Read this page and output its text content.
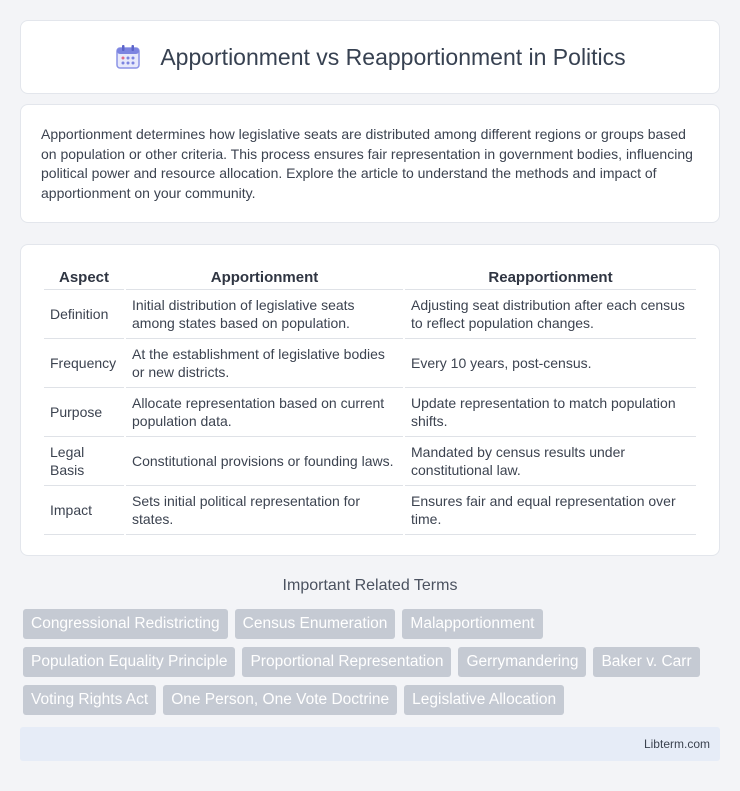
Apportionment vs Reapportionment in Politics

Apportionment determines how legislative seats are distributed among different regions or groups based on population or other criteria. This process ensures fair representation in government bodies, influencing political power and resource allocation. Explore the article to understand the methods and impact of apportionment on your community.

Aspect	Apportionment	Reapportionment
Definition	Initial distribution of legislative seats among states based on population.	Adjusting seat distribution after each census to reflect population changes.
Frequency	At the establishment of legislative bodies or new districts.	Every 10 years, post-census.
Purpose	Allocate representation based on current population data.	Update representation to match population shifts.
Legal Basis	Constitutional provisions or founding laws.	Mandated by census results under constitutional law.
Impact	Sets initial political representation for states.	Ensures fair and equal representation over time.
Important Related Terms
Congressional Redistricting	Census Enumeration	Malapportionment
Population Equality Principle	Proportional Representation	Gerrymandering	Baker v. Carr
Voting Rights Act	One Person, One Vote Doctrine	Legislative Allocation
Libterm.com
